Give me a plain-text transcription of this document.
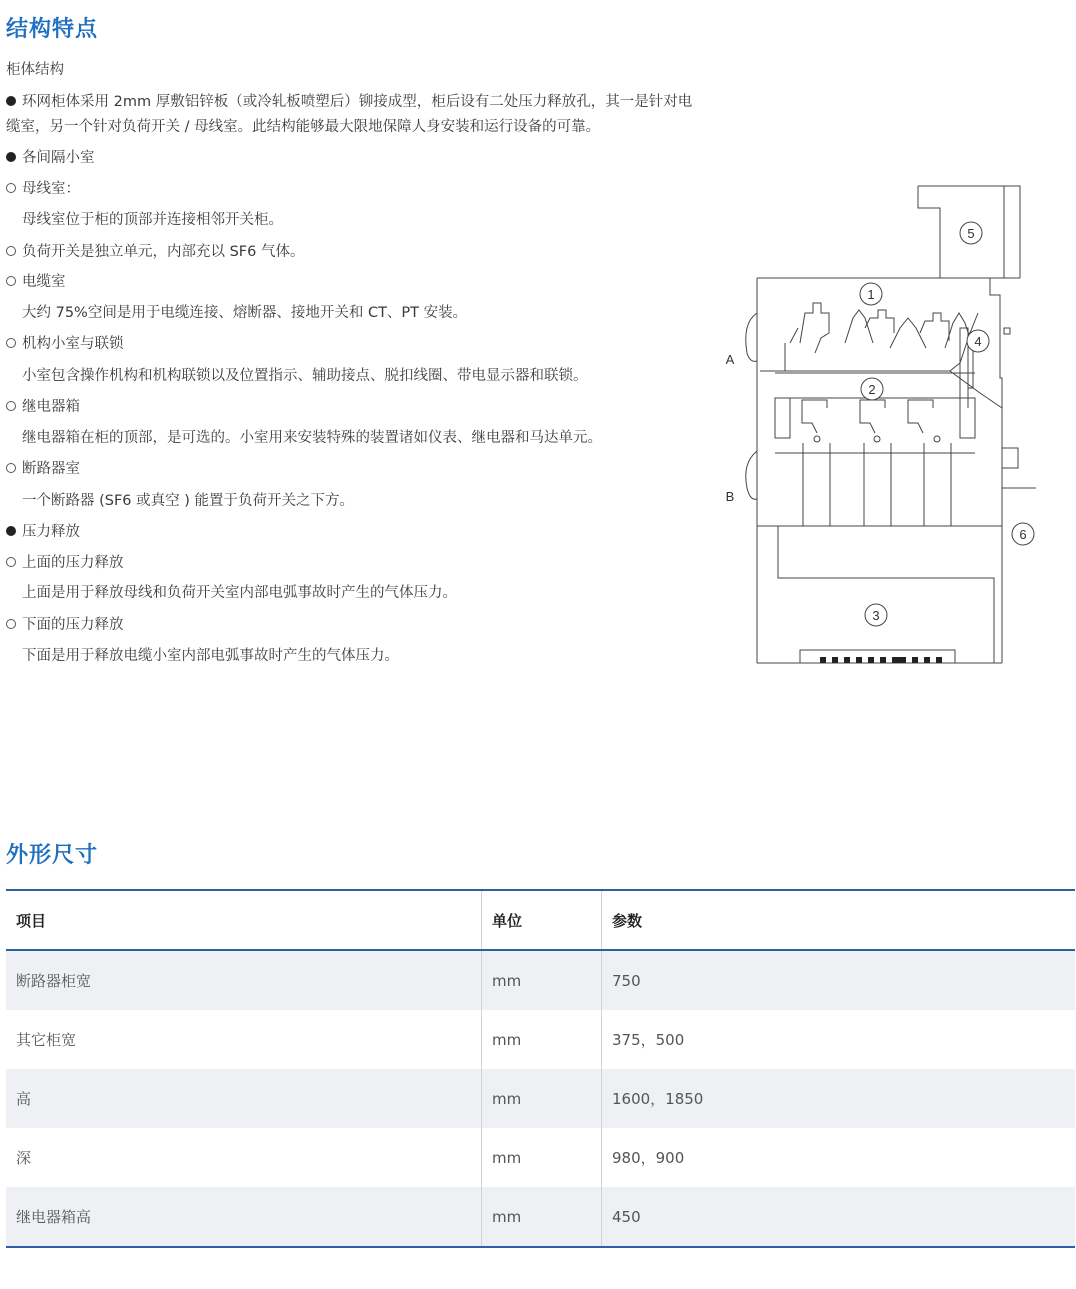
结构特点
柜体结构
环网柜体采用 2mm 厚敷铝锌板（或冷轧板喷塑后）铆接成型，柜后设有二处压力释放孔，其一是针对电
缆室，另一个针对负荷开关 / 母线室。此结构能够最大限地保障人身安装和运行设备的可靠。
各间隔小室
母线室：
母线室位于柜的顶部并连接相邻开关柜。
负荷开关是独立单元，内部充以 SF6 气体。
电缆室
大约 75%空间是用于电缆连接、熔断器、接地开关和 CT、PT 安装。
机构小室与联锁
小室包含操作机构和机构联锁以及位置指示、辅助接点、脱扣线圈、带电显示器和联锁。
继电器箱
继电器箱在柜的顶部，是可选的。小室用来安装特殊的装置诸如仪表、继电器和马达单元。
断路器室
一个断路器 (SF6 或真空 ) 能置于负荷开关之下方。
压力释放
上面的压力释放
上面是用于释放母线和负荷开关室内部电弧事故时产生的气体压力。
下面的压力释放
下面是用于释放电缆小室内部电弧事故时产生的气体压力。
5
1
4
2
6
3
A
B
外形尺寸
项目	单位	参数
断路器柜宽	mm	750
其它柜宽	mm	375，500
高	mm	1600，1850
深	mm	980，900
继电器箱高	mm	450
